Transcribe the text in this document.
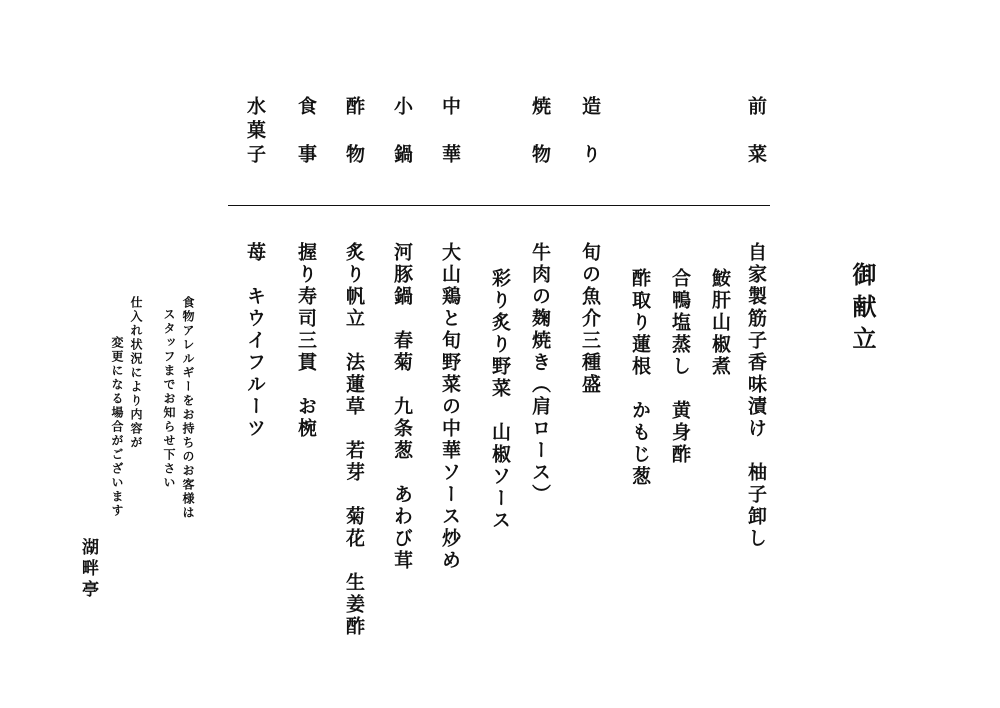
前　菜
造　り
焼　物
中　華
小　鍋
酢　物
食　事
水菓子
自家製筋子香味漬け　柚子卸し
鮟肝山椒煮
合鴨塩蒸し　黄身酢
酢取り蓮根　かもじ葱
旬の魚介三種盛
牛肉の麹焼き（肩ロース）
彩り炙り野菜　山椒ソース
大山鶏と旬野菜の中華ソース炒め
河豚鍋　春菊　九条葱　あわび茸
炙り帆立　法蓮草　若芽　菊花　生姜酢
握り寿司三貫　お椀
苺　キウイフルーツ	御献立
食物アレルギーをお持ちのお客様は
スタッフまでお知らせ下さい
仕入れ状況により内容が
変更になる場合がございます
湖畔亭
